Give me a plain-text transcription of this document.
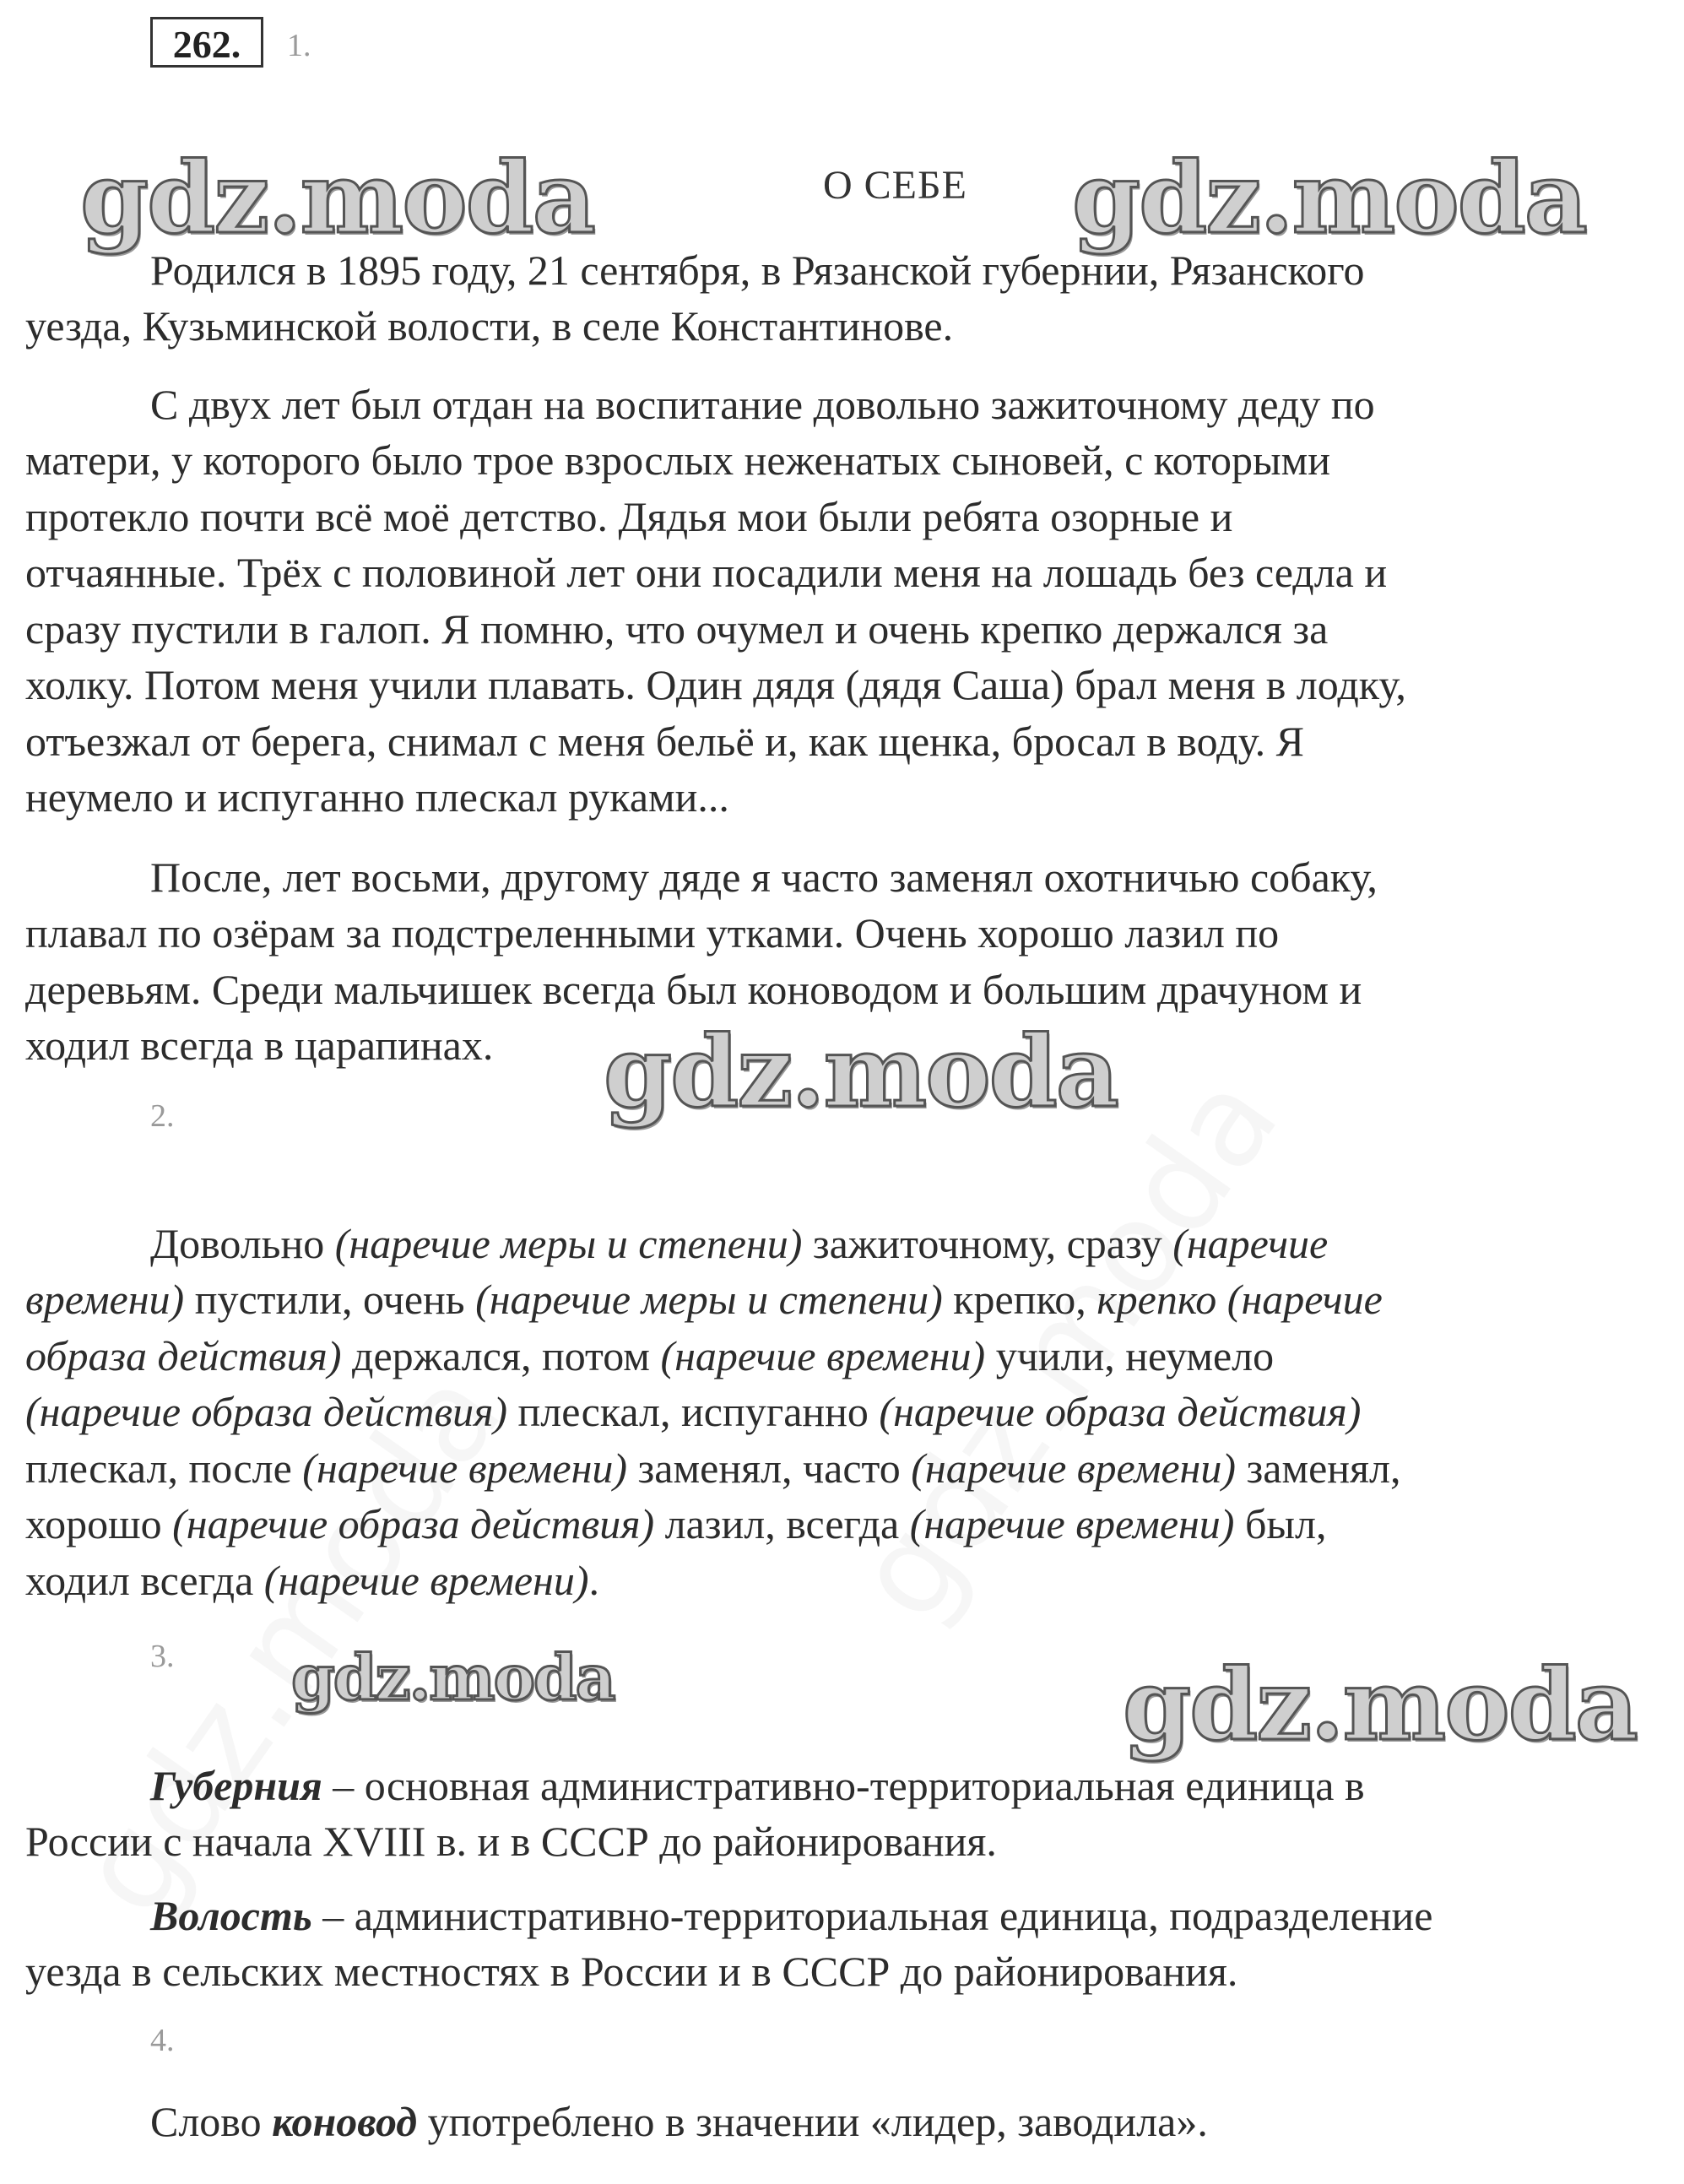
262.	1.
gdz.moda	О СЕБЕ gdz.moda
Родился в 1895 году, 21 сентября, в Рязанской губернии, Рязанского
уезда, Кузьминской волости, в селе Константинове.
С двух лет был отдан на воспитание довольно зажиточному деду по
матери, у которого было трое взрослых неженатых сыновей, с которыми
протекло почти всё моё детство. Дядья мои были ребята озорные и
отчаянные. Трёх с половиной лет они посадили меня на лошадь без седла и
сразу пустили в галоп. Я помню, что очумел и очень крепко держался за
холку. Потом меня учили плавать. Один дядя (дядя Саша) брал меня в лодку,
отъезжал от берега, снимал с меня бельё и, как щенка, бросал в воду. Я
неумело и испуганно плескал руками...
После, лет восьми, другому дяде я часто заменял охотничью собаку,
плавал по озёрам за подстреленными утками. Очень хорошо лазил по
деревьям. Среди мальчишек всегда был коноводом и большим драчуном и
ходил всегда в царапинах. gdz.moda
2.
Довольно (наречие меры и степени) зажиточному, сразу (наречие
времени) пустили, очень (наречие меры и степени) крепко, крепко (наречие
образа действия) держался, потом (наречие времени) учили, неумело
(наречие образа действия) плескал, испуганно (наречие образа действия)
плескал, после (наречие времени) заменял, часто (наречие времени) заменял,
хорошо (наречие образа действия) лазил, всегда (наречие времени) был,
ходил всегда (наречие времени).
3. gdz.moda	gdz.moda
Губерния – основная административно-территориальная единица в
России с начала XVIII в. и в СССР до районирования.
Волость – административно-территориальная единица, подразделение
уезда в сельских местностях в России и в СССР до районирования.
4.
Слово коновод употреблено в значении «лидер, заводила».
